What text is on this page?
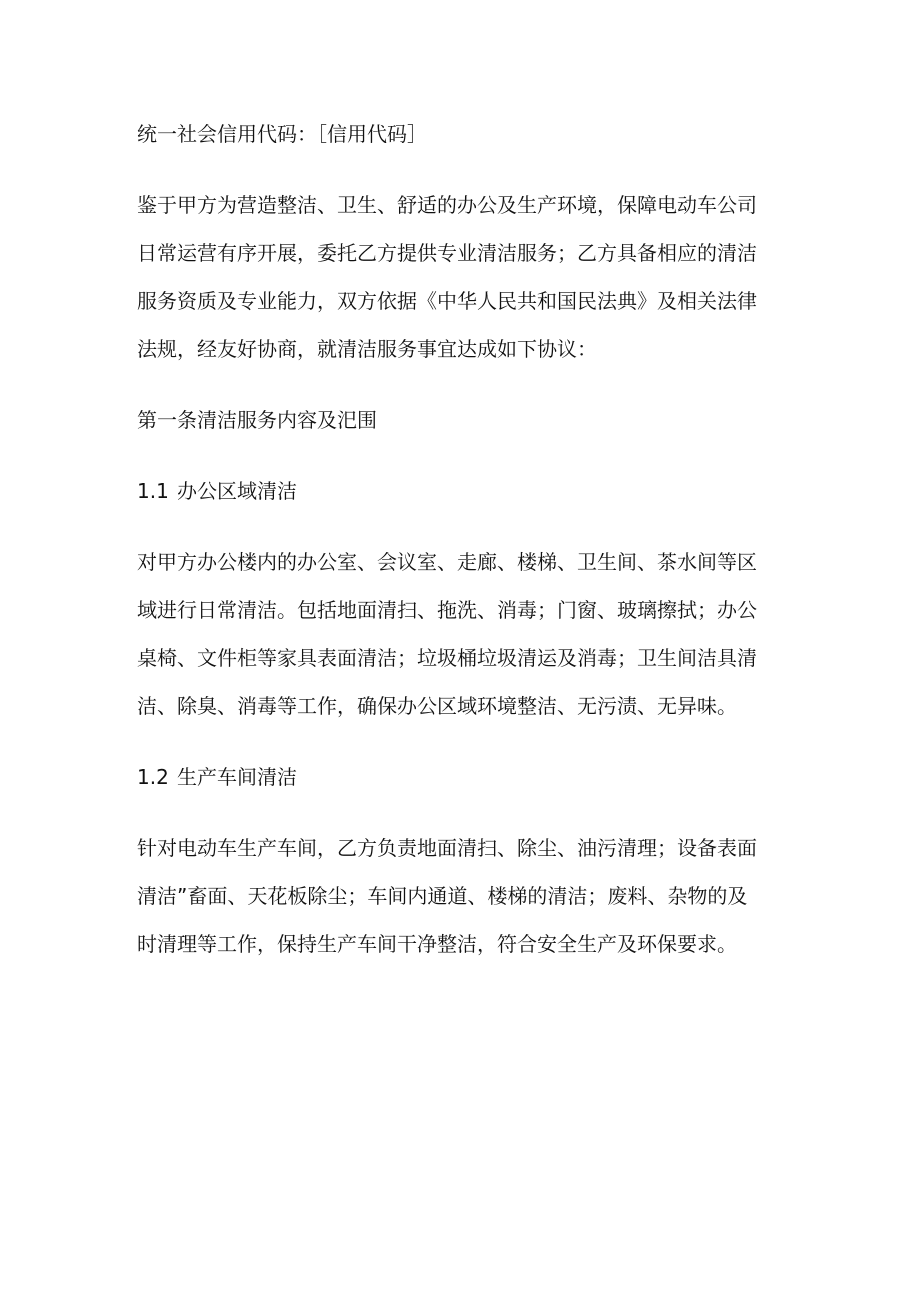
统一社会信用代码：［信用代码］

鉴于甲方为营造整洁、卫生、舒适的办公及生产环境，保障电动车公司

日常运营有序开展，委托乙方提供专业清洁服务；乙方具备相应的清洁

服务资质及专业能力，双方依据《中华人民共和国民法典》及相关法律

法规，经友好协商，就清洁服务事宜达成如下协议：

第一条清洁服务内容及汜围

1.1 办公区域清洁

对甲方办公楼内的办公室、会议室、走廊、楼梯、卫生间、茶水间等区

域进行日常清洁。包括地面清扫、拖洗、消毒；门窗、玻璃擦拭；办公

桌椅、文件柜等家具表面清洁；垃圾桶垃圾清运及消毒；卫生间洁具清

洁、除臭、消毒等工作，确保办公区域环境整洁、无污渍、无异味。

1.2 生产车间清洁

针对电动车生产车间，乙方负责地面清扫、除尘、油污清理；设备表面

清洁”畜面、天花板除尘；车间内通道、楼梯的清洁；废料、杂物的及

时清理等工作，保持生产车间干净整洁，符合安全生产及环保要求。
